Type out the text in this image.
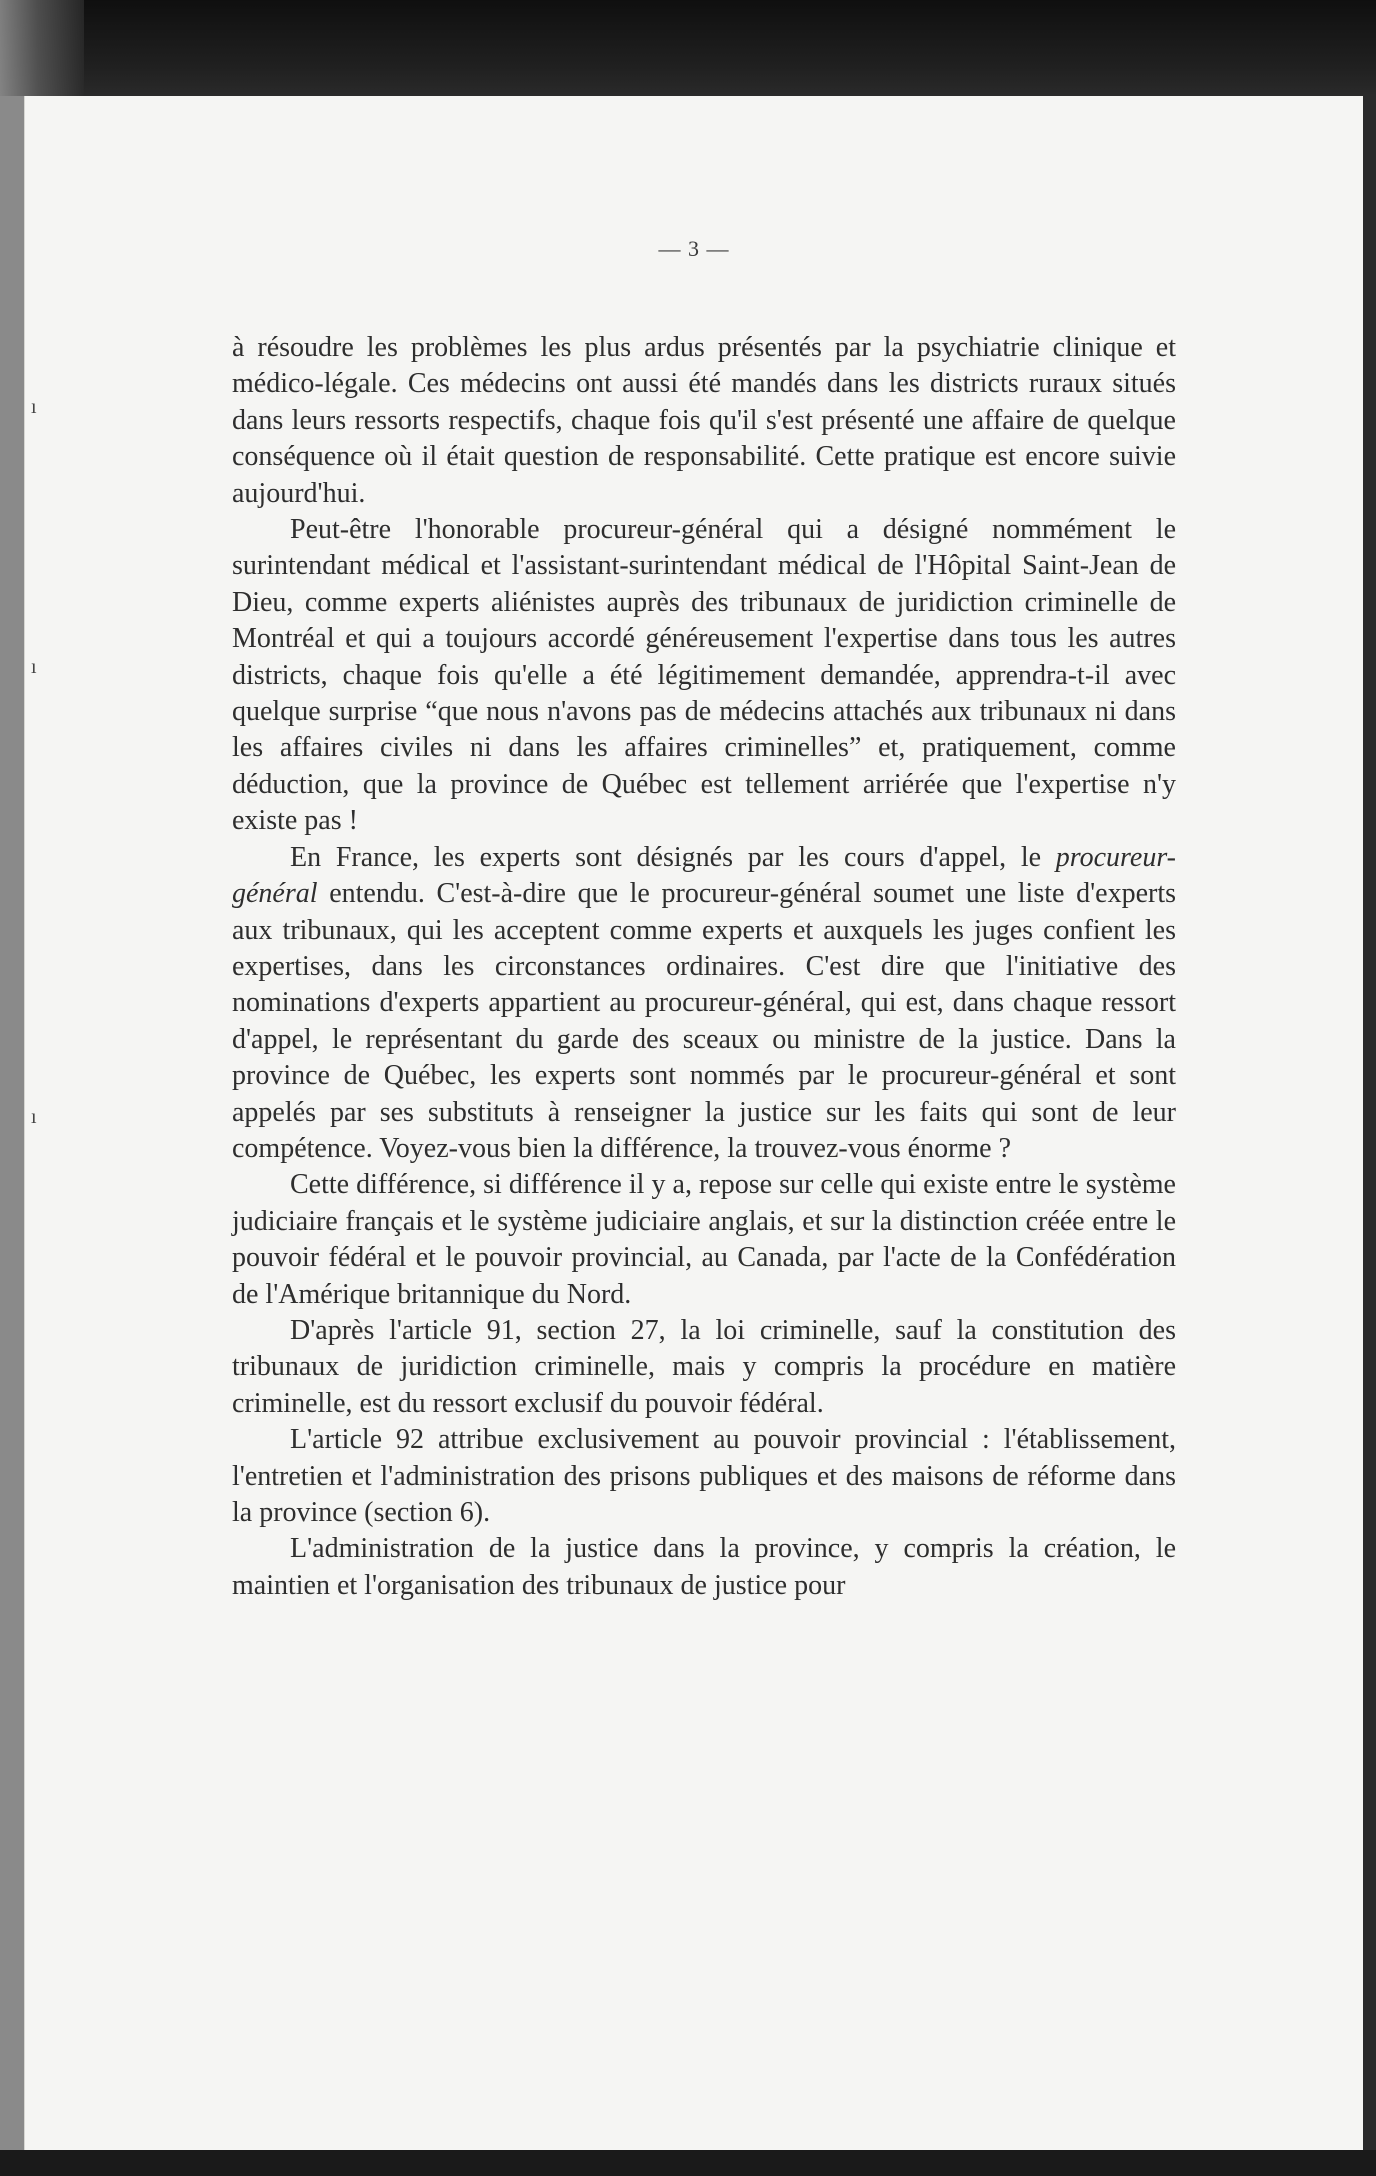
ı
ı
ı
— 3 —

à résoudre les problèmes les plus ardus présentés par la psychiatrie clinique et médico-légale. Ces médecins ont aussi été mandés dans les districts ruraux situés dans leurs ressorts respectifs, chaque fois qu'il s'est présenté une affaire de quelque conséquence où il était question de responsabilité. Cette pratique est encore suivie aujourd'hui.

Peut-être l'honorable procureur-général qui a désigné nommément le surintendant médical et l'assistant-surintendant médical de l'Hôpital Saint-Jean de Dieu, comme experts aliénistes auprès des tribunaux de juridiction criminelle de Montréal et qui a toujours accordé généreusement l'expertise dans tous les autres districts, chaque fois qu'elle a été légitimement demandée, apprendra-t-il avec quelque surprise “que nous n'avons pas de médecins attachés aux tribunaux ni dans les affaires civiles ni dans les affaires criminelles” et, pratiquement, comme déduction, que la province de Québec est tellement arriérée que l'expertise n'y existe pas !

En France, les experts sont désignés par les cours d'appel, le procureur-général entendu. C'est-à-dire que le procureur-général soumet une liste d'experts aux tribunaux, qui les acceptent comme experts et auxquels les juges confient les expertises, dans les circonstances ordinaires. C'est dire que l'initiative des nominations d'experts appartient au procureur-général, qui est, dans chaque ressort d'appel, le représentant du garde des sceaux ou ministre de la justice. Dans la province de Québec, les experts sont nommés par le procureur-général et sont appelés par ses substituts à renseigner la justice sur les faits qui sont de leur compétence. Voyez-vous bien la différence, la trouvez-vous énorme ?

Cette différence, si différence il y a, repose sur celle qui existe entre le système judiciaire français et le système judiciaire anglais, et sur la distinction créée entre le pouvoir fédéral et le pouvoir provincial, au Canada, par l'acte de la Confédération de l'Amérique britannique du Nord.

D'après l'article 91, section 27, la loi criminelle, sauf la constitution des tribunaux de juridiction criminelle, mais y compris la procédure en matière criminelle, est du ressort exclusif du pouvoir fédéral.

L'article 92 attribue exclusivement au pouvoir provincial : l'établissement, l'entretien et l'administration des prisons publiques et des maisons de réforme dans la province (section 6).

L'administration de la justice dans la province, y compris la création, le maintien et l'organisation des tribunaux de justice pour
